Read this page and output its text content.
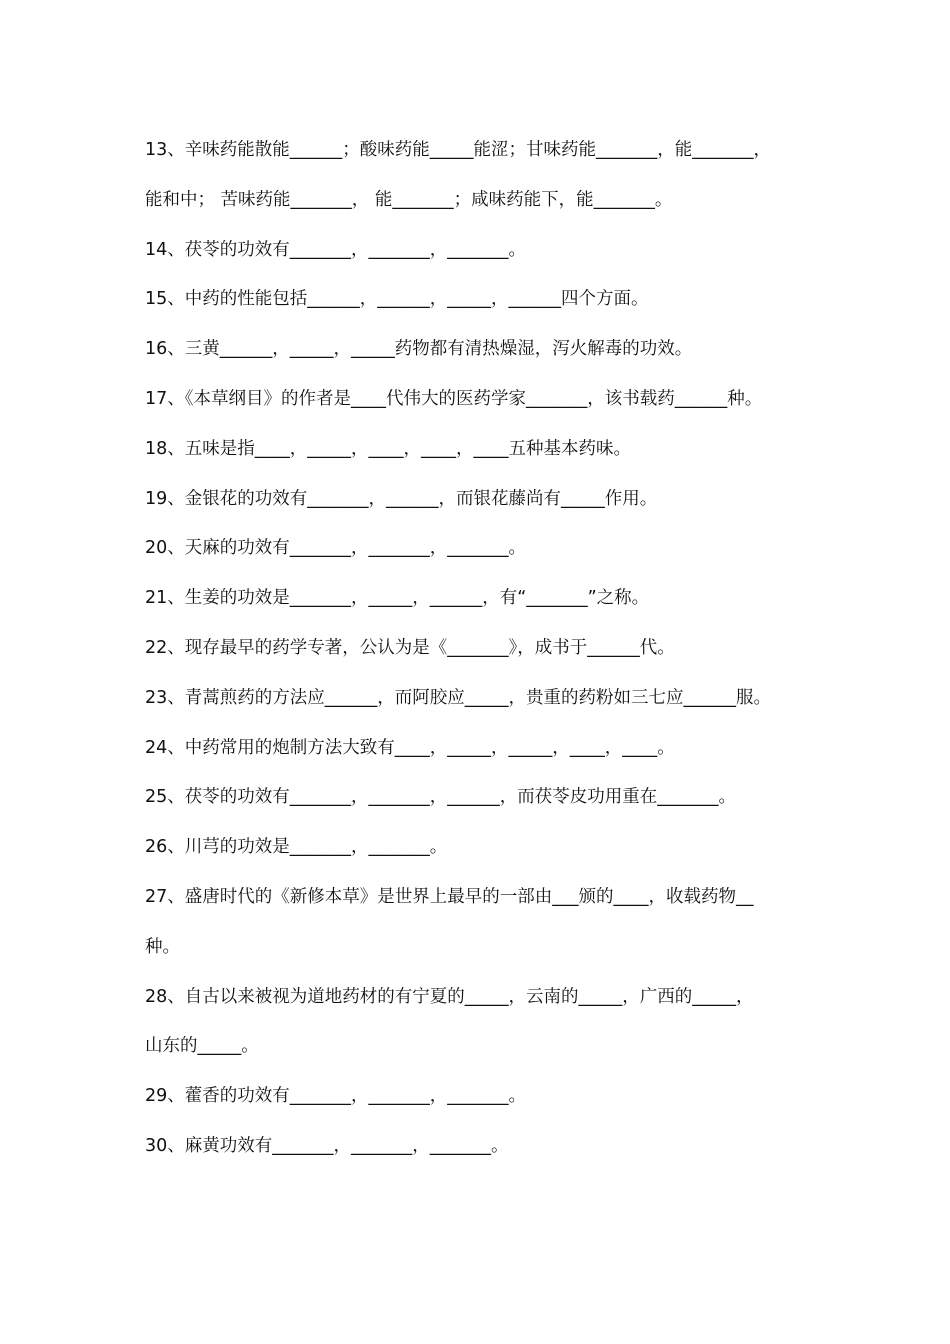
13、辛味药能散能______；酸味药能_____能涩；甘味药能_______，能_______，
能和中； 苦味药能_______， 能_______；咸味药能下，能_______。
14、茯苓的功效有_______，_______，_______。
15、中药的性能包括______，______，_____，______四个方面。
16、三黄______，_____，_____药物都有清热燥湿，泻火解毒的功效。
17、《本草纲目》的作者是____代伟大的医药学家_______，该书载药______种。
18、五味是指____，_____，____，____，____五种基本药味。
19、金银花的功效有_______，______，而银花藤尚有_____作用。
20、天麻的功效有_______，_______，_______。
21、生姜的功效是_______，_____，______，有“_______”之称。
22、现存最早的药学专著，公认为是《_______》，成书于______代。
23、青蒿煎药的方法应______，而阿胶应_____，贵重的药粉如三七应______服。
24、中药常用的炮制方法大致有____，_____，_____，____，____。
25、茯苓的功效有_______，_______，______，而茯苓皮功用重在_______。
26、川芎的功效是_______，_______。
27、盛唐时代的《新修本草》是世界上最早的一部由___颁的____，收载药物__
种。
28、自古以来被视为道地药材的有宁夏的_____，云南的_____，广西的_____，
山东的_____。
29、藿香的功效有_______，_______，_______。
30、麻黄功效有_______，_______，_______。
